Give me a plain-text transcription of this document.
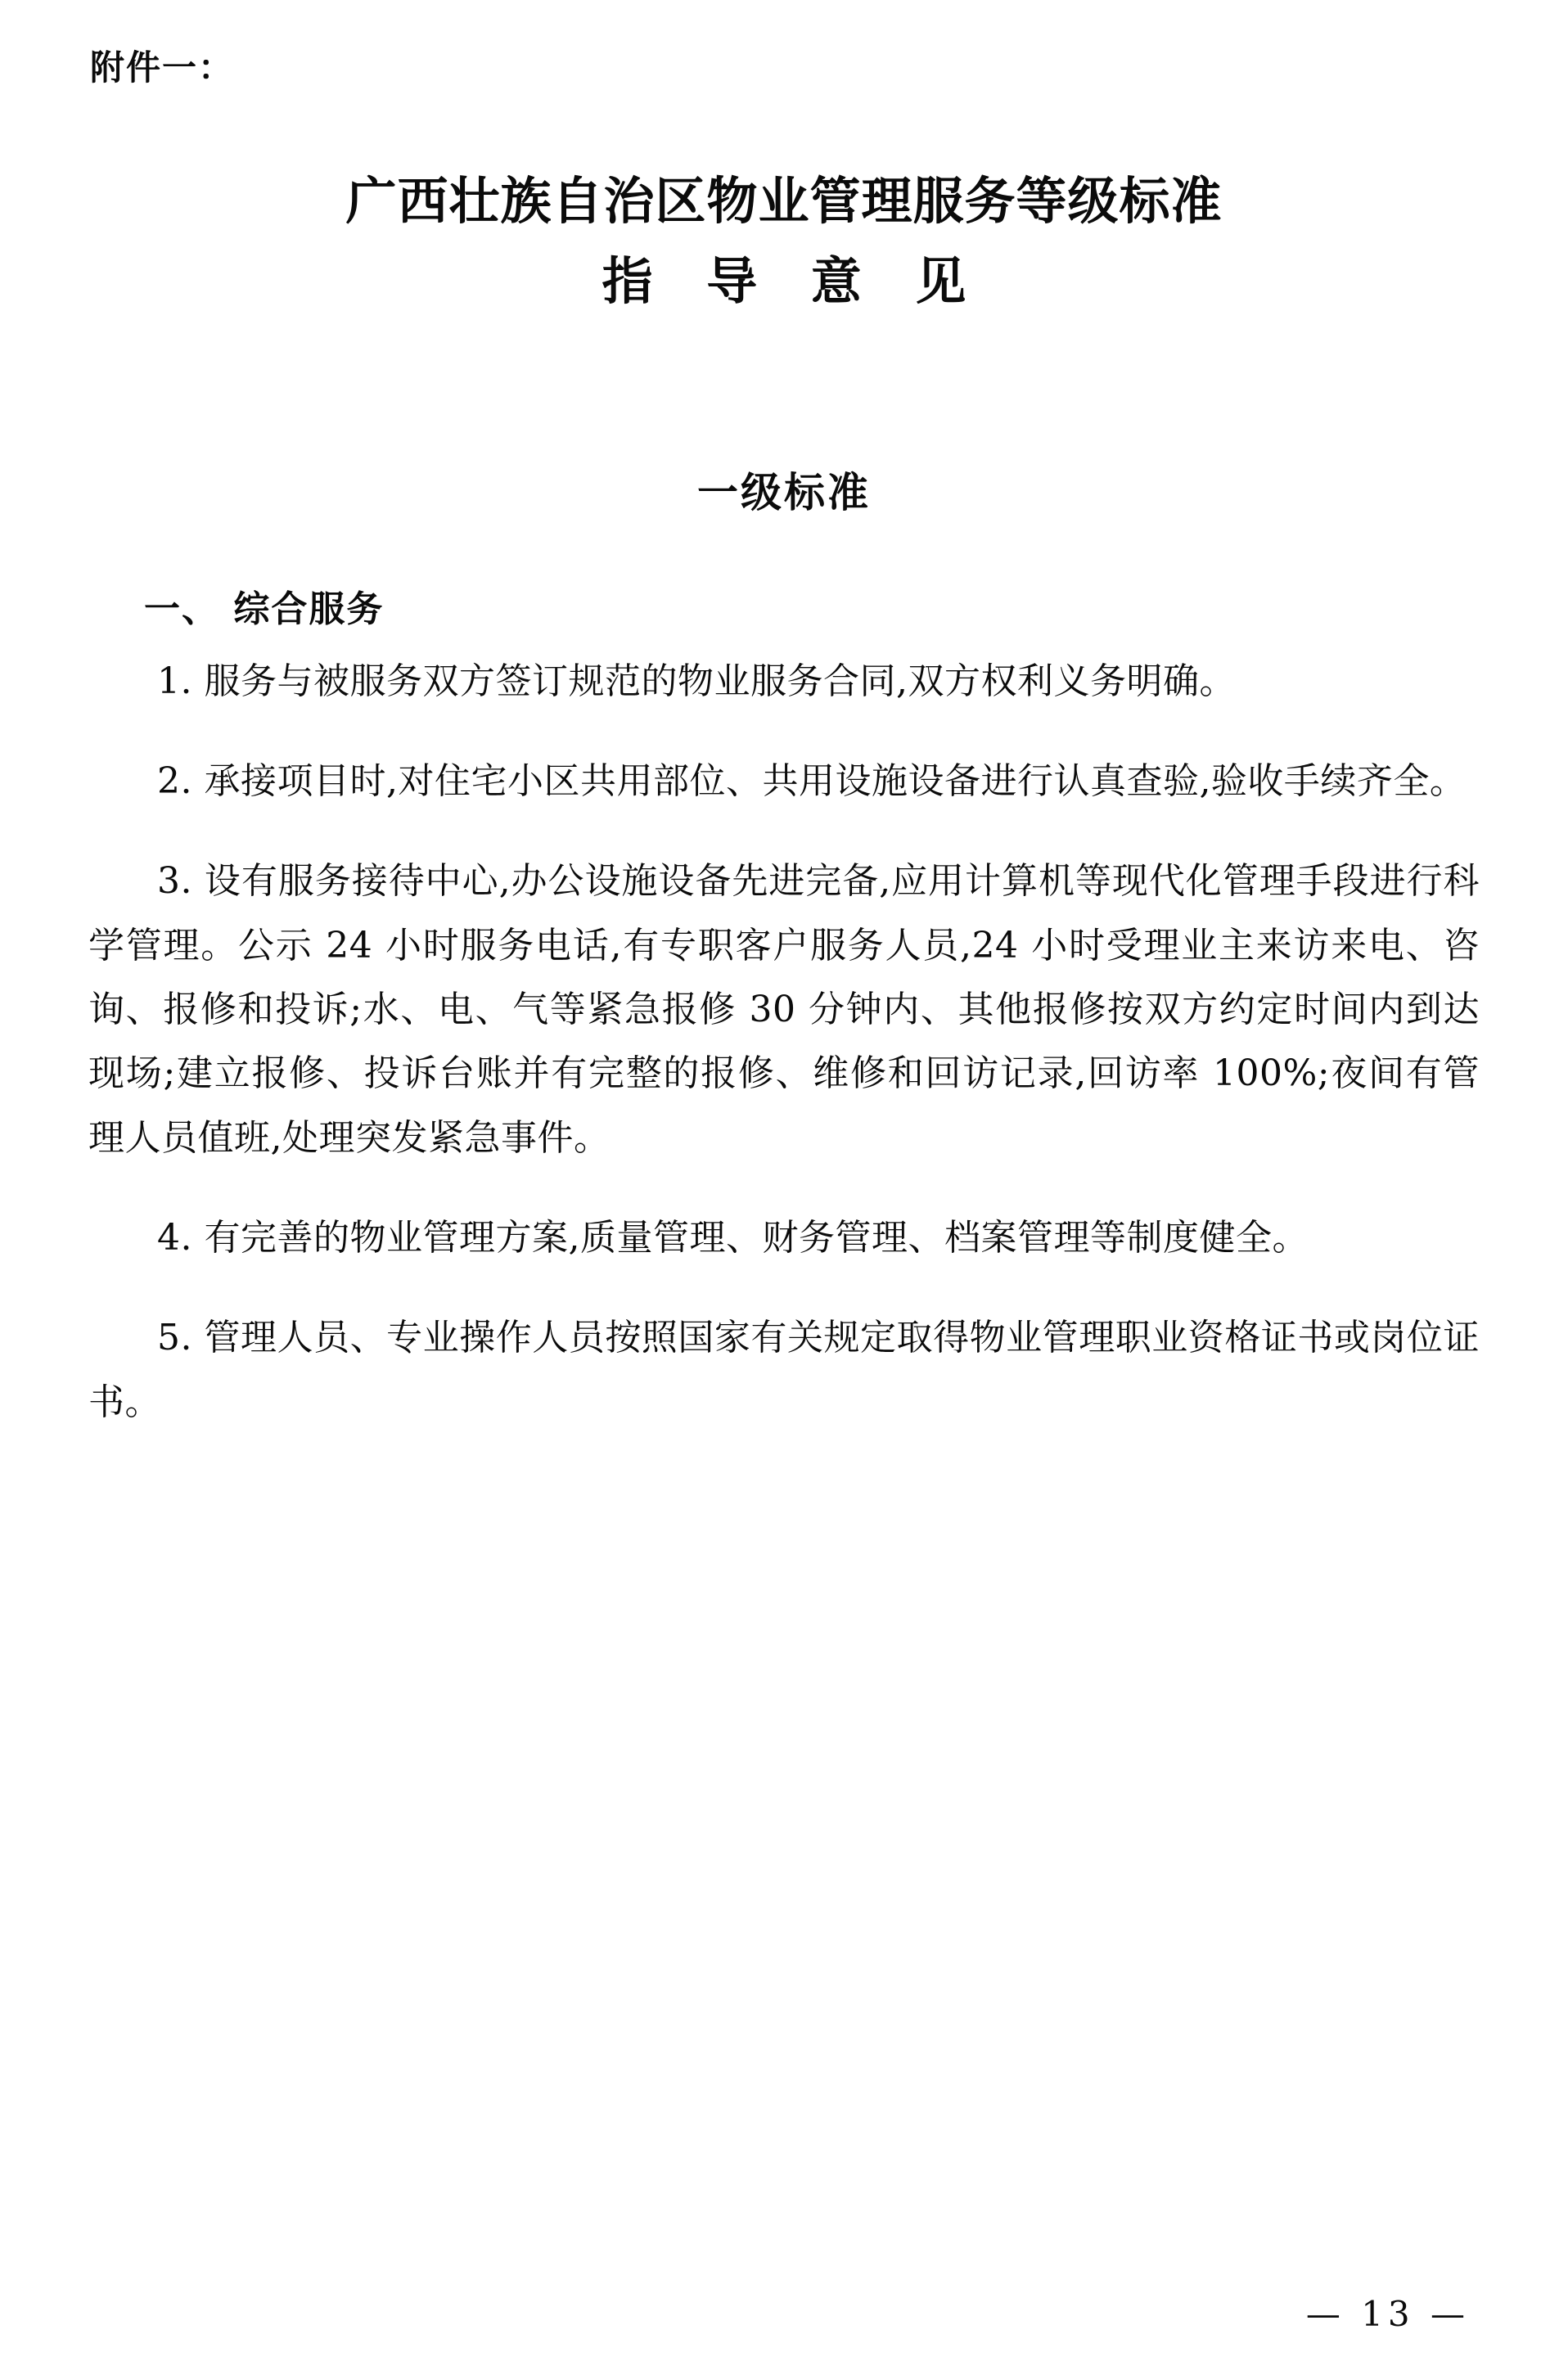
附件一：
广西壮族自治区物业管理服务等级标准
指 导 意 见
一级标准
一、 综合服务

1. 服务与被服务双方签订规范的物业服务合同,双方权利义务明确。

2. 承接项目时,对住宅小区共用部位、共用设施设备进行认真查验,验收手续齐全。

3. 设有服务接待中心,办公设施设备先进完备,应用计算机等现代化管理手段进行科学管理。公示 24 小时服务电话,有专职客户服务人员,24 小时受理业主来访来电、咨询、报修和投诉;水、电、气等紧急报修 30 分钟内、其他报修按双方约定时间内到达现场;建立报修、投诉台账并有完整的报修、维修和回访记录,回访率 100%;夜间有管理人员值班,处理突发紧急事件。

4. 有完善的物业管理方案,质量管理、财务管理、档案管理等制度健全。

5. 管理人员、专业操作人员按照国家有关规定取得物业管理职业资格证书或岗位证书。

— 13 —
